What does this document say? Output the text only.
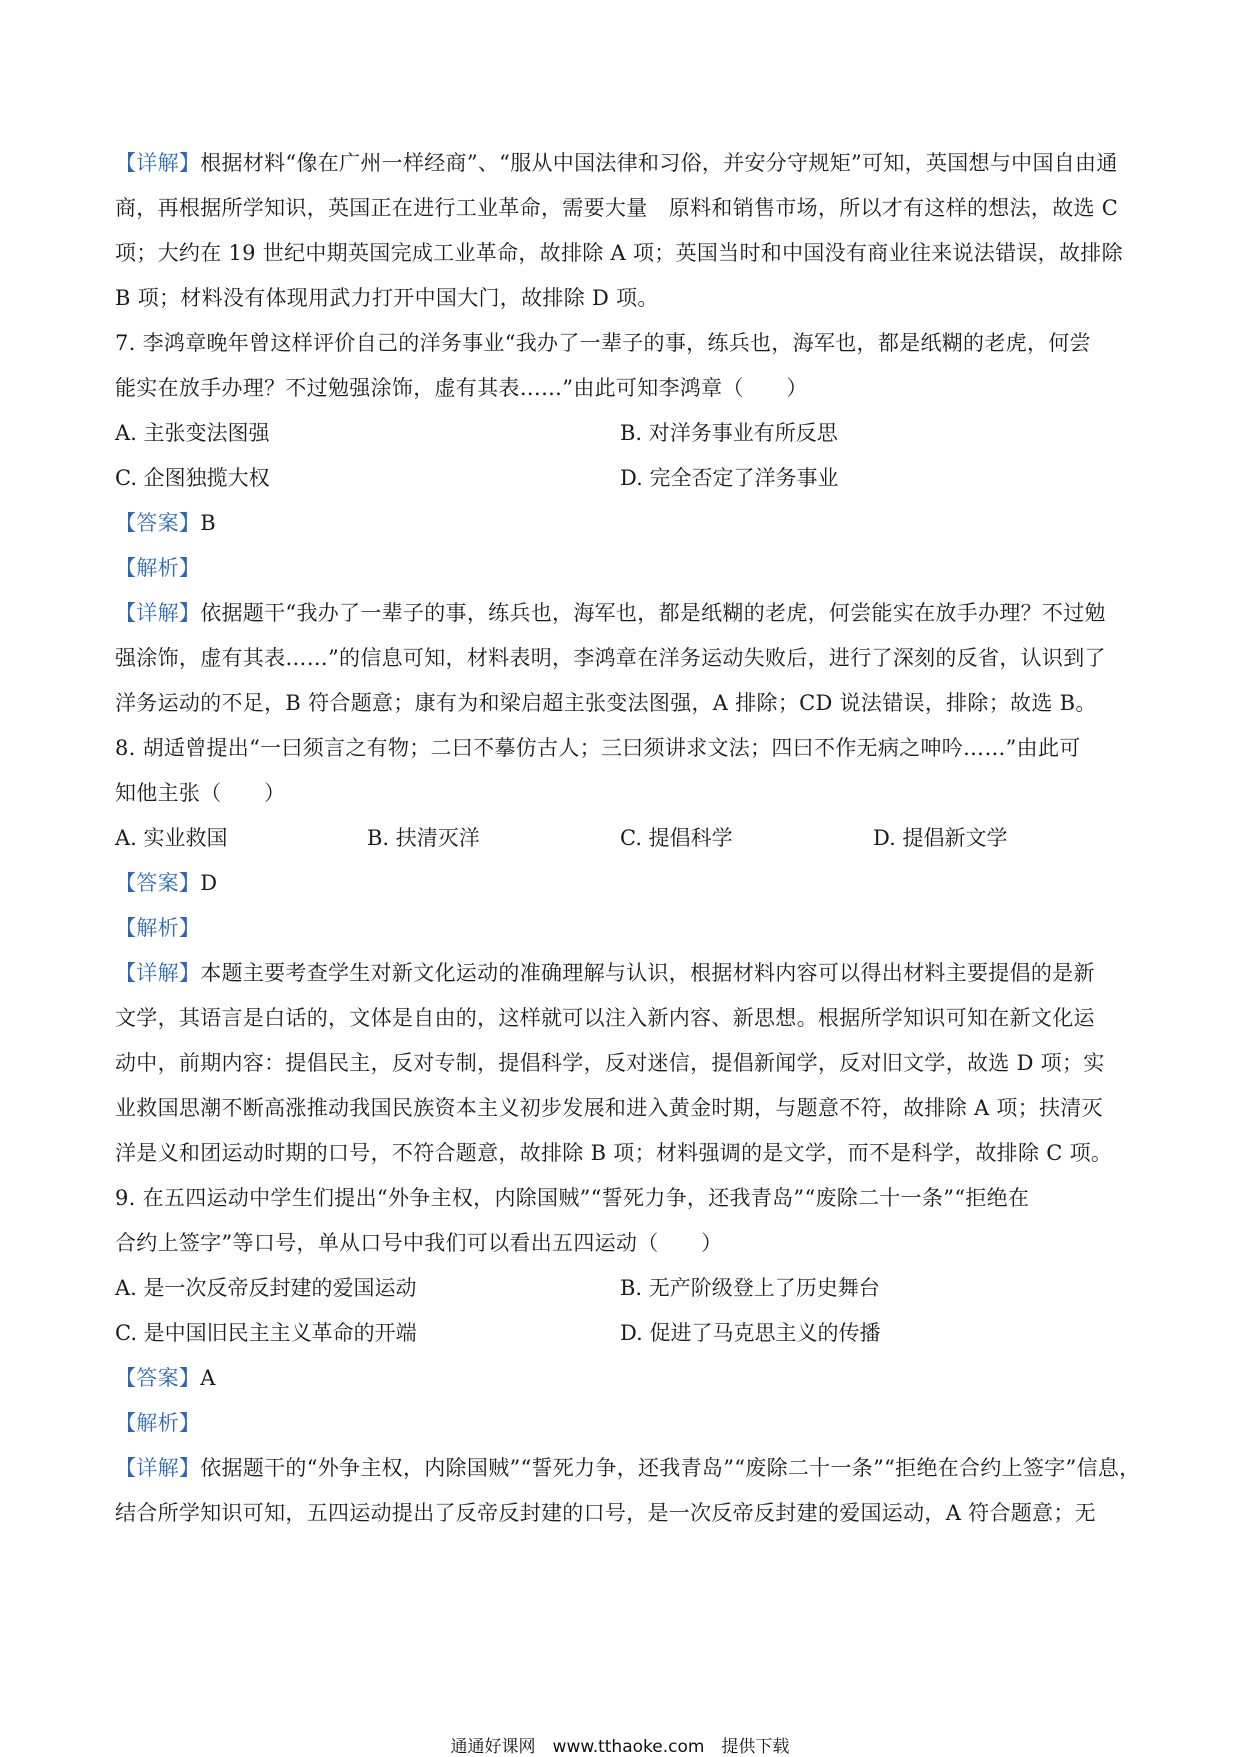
【详解】根据材料“像在广州一样经商”、“服从中国法律和习俗，并安分守规矩”可知，英国想与中国自由通
商，再根据所学知识，英国正在进行工业革命，需要大量　原料和销售市场，所以才有这样的想法，故选 C
项；大约在 19 世纪中期英国完成工业革命，故排除 A 项；英国当时和中国没有商业往来说法错误，故排除
B 项；材料没有体现用武力打开中国大门，故排除 D 项。
7. 李鸿章晚年曾这样评价自己的洋务事业“我办了一辈子的事，练兵也，海军也，都是纸糊的老虎，何尝
能实在放手办理？不过勉强涂饰，虚有其表……”由此可知李鸿章（　　）
A. 主张变法图强	B. 对洋务事业有所反思
C. 企图独揽大权	D. 完全否定了洋务事业
【答案】B
【解析】
【详解】依据题干“我办了一辈子的事，练兵也，海军也，都是纸糊的老虎，何尝能实在放手办理？不过勉
强涂饰，虚有其表……”的信息可知，材料表明，李鸿章在洋务运动失败后，进行了深刻的反省，认识到了
洋务运动的不足，B 符合题意；康有为和梁启超主张变法图强，A 排除；CD 说法错误，排除；故选 B。
8. 胡适曾提出“一曰须言之有物；二曰不摹仿古人；三曰须讲求文法；四曰不作无病之呻吟……”由此可
知他主张（　　）
A. 实业救国	B. 扶清灭洋	C. 提倡科学	D. 提倡新文学
【答案】D
【解析】
【详解】本题主要考查学生对新文化运动的准确理解与认识，根据材料内容可以得出材料主要提倡的是新
文学，其语言是白话的，文体是自由的，这样就可以注入新内容、新思想。根据所学知识可知在新文化运
动中，前期内容：提倡民主，反对专制，提倡科学，反对迷信，提倡新闻学，反对旧文学，故选 D 项；实
业救国思潮不断高涨推动我国民族资本主义初步发展和进入黄金时期，与题意不符，故排除 A 项；扶清灭
洋是义和团运动时期的口号，不符合题意，故排除 B 项；材料强调的是文学，而不是科学，故排除 C 项。
9. 在五四运动中学生们提出“外争主权，内除国贼”“誓死力争，还我青岛”“废除二十一条”“拒绝在
合约上签字”等口号，单从口号中我们可以看出五四运动（　　）
A. 是一次反帝反封建的爱国运动	B. 无产阶级登上了历史舞台
C. 是中国旧民主主义革命的开端	D. 促进了马克思主义的传播
【答案】A
【解析】
【详解】依据题干的“外争主权，内除国贼”“誓死力争，还我青岛”“废除二十一条”“拒绝在合约上签字”信息，
结合所学知识可知，五四运动提出了反帝反封建的口号，是一次反帝反封建的爱国运动，A 符合题意；无
通通好课网　www.tthaoke.com　提供下载
